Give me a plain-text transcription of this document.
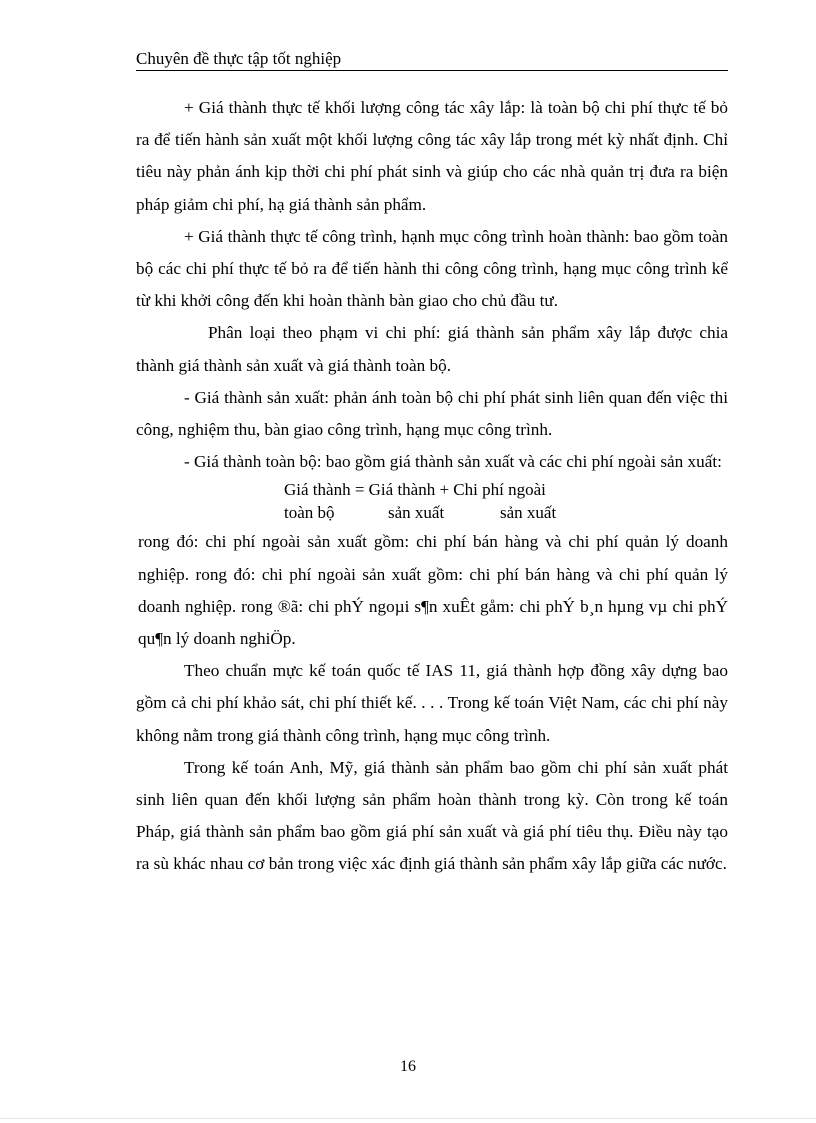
Chuyên đề thực tập tốt nghiệp

+ Giá thành thực tế khối lượng công tác xây lắp: là toàn bộ chi phí thực tế bỏ ra để tiến hành sản xuất một khối lượng công tác xây lắp trong mét kỳ nhất định. Chỉ tiêu này phản ánh kịp thời chi phí phát sinh và giúp cho các nhà quản trị đưa ra biện pháp giảm chi phí, hạ giá thành sản phẩm.

+ Giá thành thực tế công trình, hạnh mục công trình hoàn thành: bao gồm toàn bộ các chi phí thực tế bỏ ra để tiến hành thi công công trình, hạng mục công trình kể từ khi khởi công đến khi hoàn thành bàn giao cho chủ đầu tư.

Phân loại theo phạm vi chi phí: giá thành sản phẩm xây lắp được chia thành giá thành sản xuất và giá thành toàn bộ.

- Giá thành sản xuất: phản ánh toàn bộ chi phí phát sinh liên quan đến việc thi công, nghiệm thu, bàn giao công trình, hạng mục công trình.

- Giá thành toàn bộ: bao gồm giá thành sản xuất và các chi phí ngoài sản xuất:

Giá thành = Giá thành + Chi phí ngoài
toàn bộ	sản xuất	sản xuất

rong đó: chi phí ngoài sản xuất gồm: chi phí bán hàng và chi phí quản lý doanh nghiệp. rong đó: chi phí ngoài sản xuất gồm: chi phí bán hàng và chi phí quản lý doanh nghiệp. rong ®ã: chi phÝ ngoµi s¶n xuÊt gåm: chi phÝ b¸n hµng vµ chi phÝ qu¶n lý doanh nghiÖp.

Theo chuẩn mực kế toán quốc tế IAS 11, giá thành hợp đồng xây dựng bao gồm cả chi phí khảo sát, chi phí thiết kế. . . . Trong kế toán Việt Nam, các chi phí này không nằm trong giá thành công trình, hạng mục công trình.

Trong kế toán Anh, Mỹ, giá thành sản phẩm bao gồm chi phí sản xuất phát sinh liên quan đến khối lượng sản phẩm hoàn thành trong kỳ. Còn trong kế toán Pháp, giá thành sản phẩm bao gồm giá phí sản xuất và giá phí tiêu thụ. Điều này tạo ra sù khác nhau cơ bản trong việc xác định giá thành sản phẩm xây lắp giữa các nước.

16
